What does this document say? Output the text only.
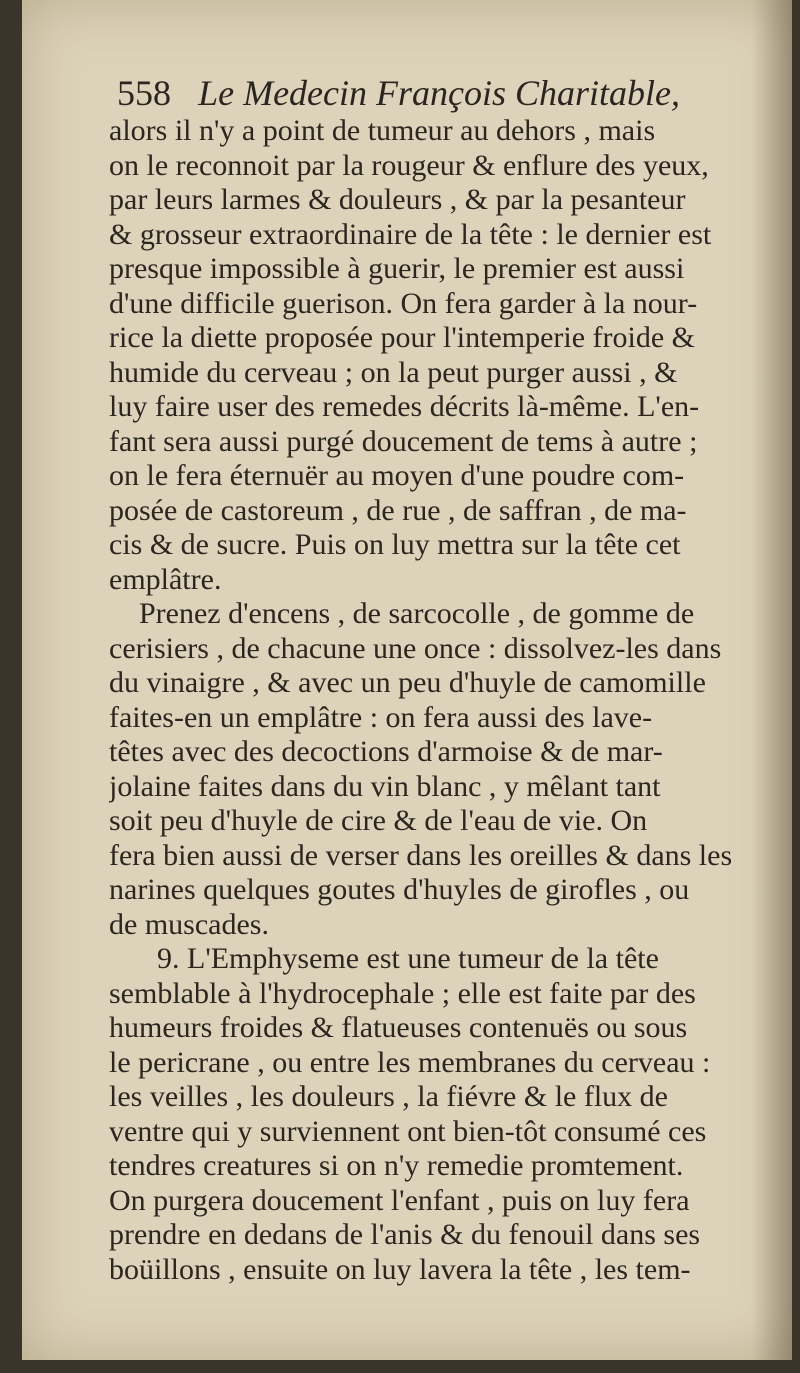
558 Le Medecin François Charitable,
alors il n'y a point de tumeur au dehors , mais
on le reconnoit par la rougeur & enflure des yeux,
par leurs larmes & douleurs , & par la pesanteur
& grosseur extraordinaire de la tête : le dernier est
presque impossible à guerir, le premier est aussi
d'une difficile guerison. On fera garder à la nour-
rice la diette proposée pour l'intemperie froide &
humide du cerveau ; on la peut purger aussi , &
luy faire user des remedes décrits là-même. L'en-
fant sera aussi purgé doucement de tems à autre ;
on le fera éternuër au moyen d'une poudre com-
posée de castoreum , de rue , de saffran , de ma-
cis & de sucre. Puis on luy mettra sur la tête cet
emplâtre.
Prenez d'encens , de sarcocolle , de gomme de
cerisiers , de chacune une once : dissolvez-les dans
du vinaigre , & avec un peu d'huyle de camomille
faites-en un emplâtre : on fera aussi des lave-
têtes avec des decoctions d'armoise & de mar-
jolaine faites dans du vin blanc , y mêlant tant
soit peu d'huyle de cire & de l'eau de vie. On
fera bien aussi de verser dans les oreilles & dans les
narines quelques goutes d'huyles de girofles , ou
de muscades.
9. L'Emphyseme est une tumeur de la tête
semblable à l'hydrocephale ; elle est faite par des
humeurs froides & flatueuses contenuës ou sous
le pericrane , ou entre les membranes du cerveau :
les veilles , les douleurs , la fiévre & le flux de
ventre qui y surviennent ont bien-tôt consumé ces
tendres creatures si on n'y remedie promtement.
On purgera doucement l'enfant , puis on luy fera
prendre en dedans de l'anis & du fenouil dans ses
boüillons , ensuite on luy lavera la tête , les tem-
